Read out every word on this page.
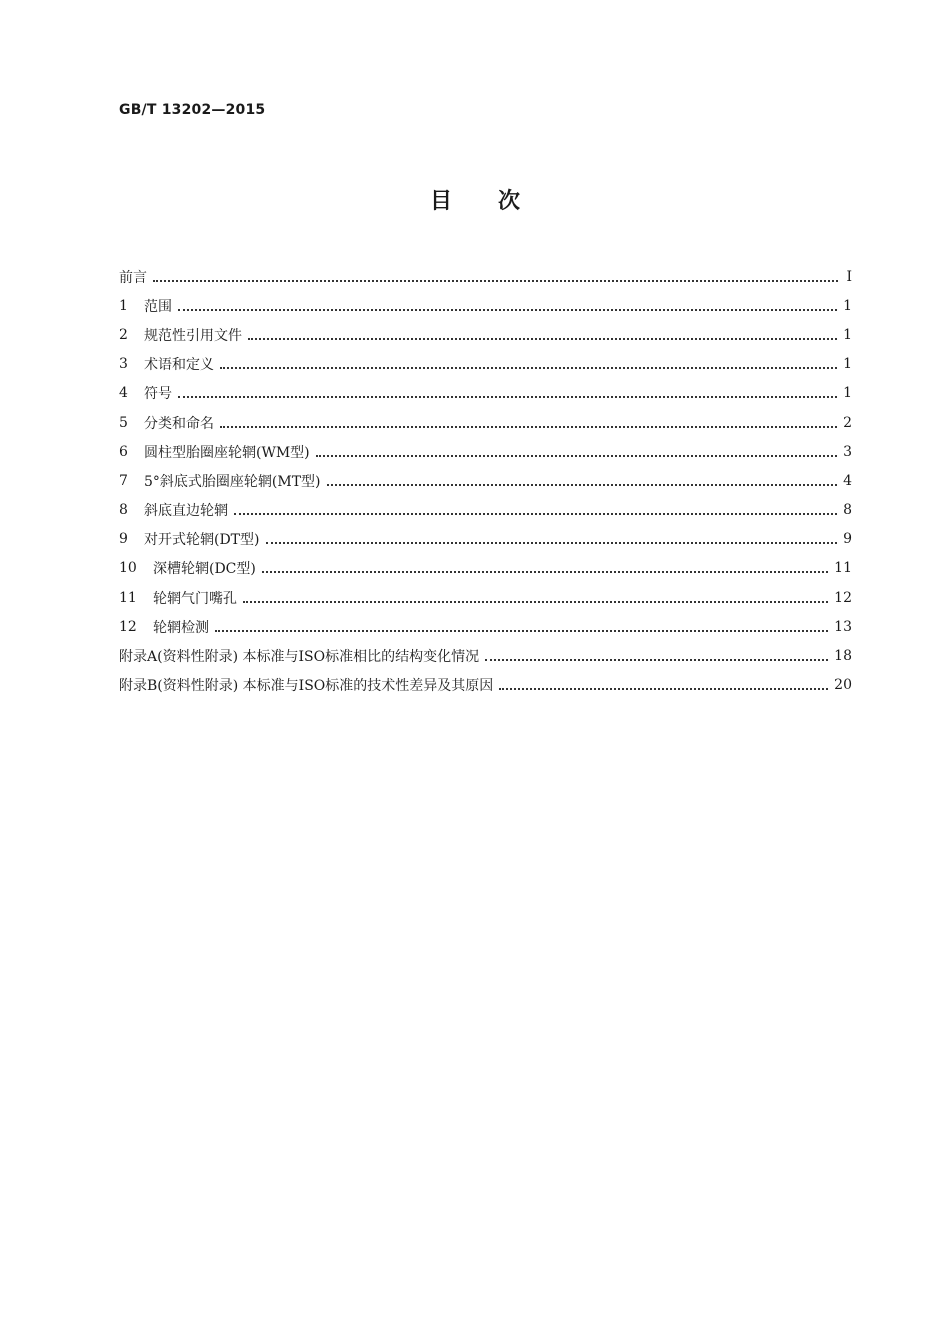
GB/T 13202—2015
目次
前言	Ⅰ
1	范围	1
2	规范性引用文件	1
3	术语和定义	1
4	符号	1
5	分类和命名	2
6	圆柱型胎圈座轮辋(WM型)	3
7	5°斜底式胎圈座轮辋(MT型)	4
8	斜底直边轮辋	8
9	对开式轮辋(DT型)	9
10	深槽轮辋(DC型)	11
11	轮辋气门嘴孔	12
12	轮辋检测	13
附录A(资料性附录) 本标准与ISO标准相比的结构变化情况	18
附录B(资料性附录) 本标准与ISO标准的技术性差异及其原因	20
